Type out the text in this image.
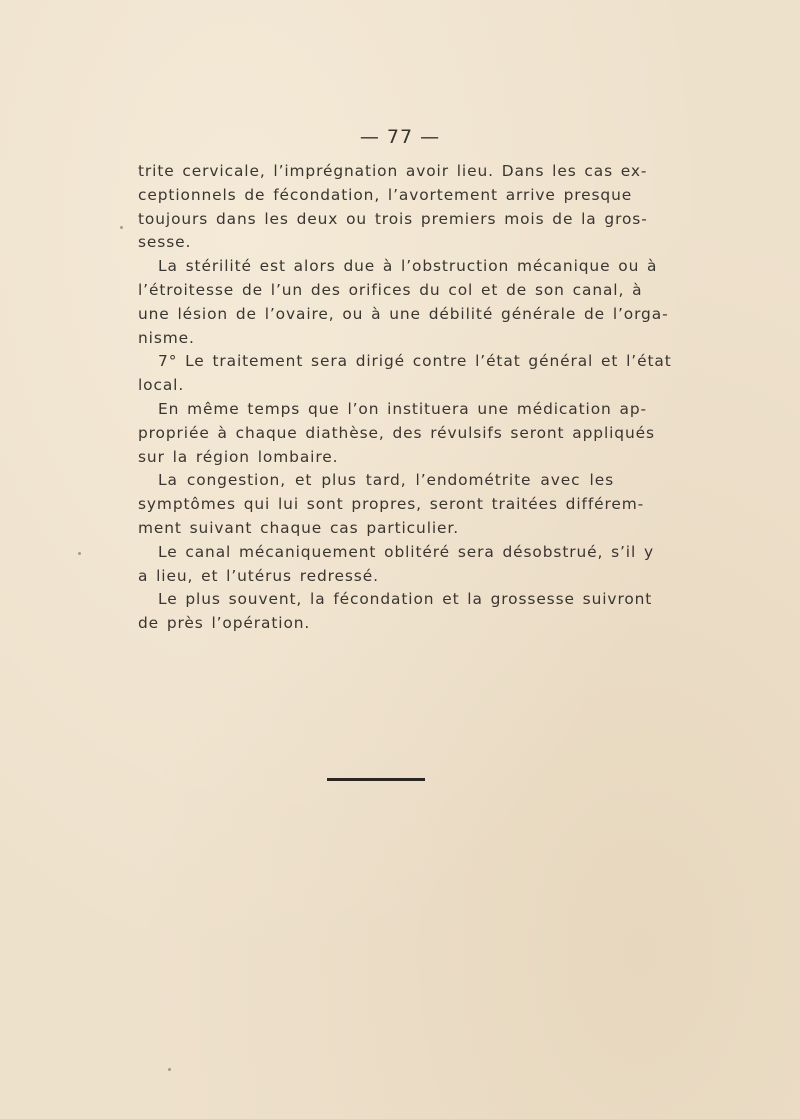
— 77 —

trite cervicale, l’imprégnation avoir lieu. Dans les cas ex-
ceptionnels de fécondation, l’avortement arrive presque
toujours dans les deux ou trois premiers mois de la gros-
sesse.

La stérilité est alors due à l’obstruction mécanique ou à
l’étroitesse de l’un des orifices du col et de son canal, à
une lésion de l’ovaire, ou à une débilité générale de l’orga-
nisme.

7° Le traitement sera dirigé contre l’état général et l’état
local.

En même temps que l’on instituera une médication ap-
propriée à chaque diathèse, des révulsifs seront appliqués
sur la région lombaire.

La congestion, et plus tard, l’endométrite avec les
symptômes qui lui sont propres, seront traitées différem-
ment suivant chaque cas particulier.

Le canal mécaniquement oblitéré sera désobstrué, s’il y
a lieu, et l’utérus redressé.

Le plus souvent, la fécondation et la grossesse suivront
de près l’opération.
